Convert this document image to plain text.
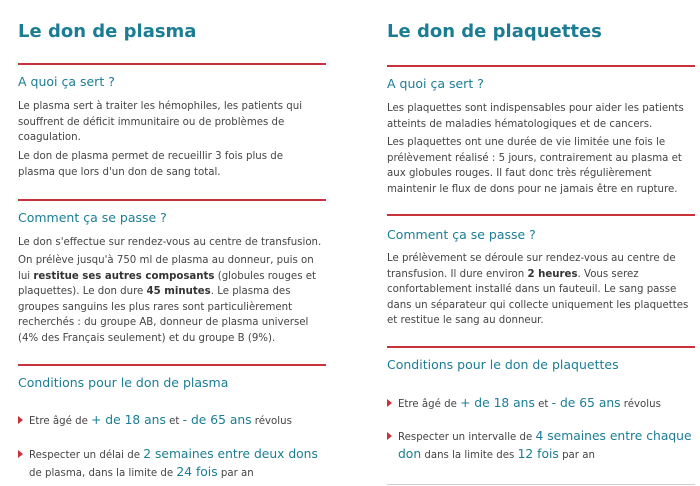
Le don de plasma
A quoi ça sert ?

Le plasma sert à traiter les hémophiles, les patients qui souffrent de déficit immunitaire ou de problèmes de coagulation.

Le don de plasma permet de recueillir 3 fois plus de plasma que lors d'un don de sang total.

Comment ça se passe ?

Le don s'effectue sur rendez-vous au centre de transfusion.

On prélève jusqu'à 750 ml de plasma au donneur, puis on lui restitue ses autres composants (globules rouges et plaquettes). Le don dure 45 minutes. Le plasma des groupes sanguins les plus rares sont particulièrement recherchés : du groupe AB, donneur de plasma universel (4% des Français seulement) et du groupe B (9%).

Conditions pour le don de plasma
Etre âgé de + de 18 ans et - de 65 ans révolus
Respecter un délai de 2 semaines entre deux dons de plasma, dans la limite de 24 fois par an
Le don de plaquettes
A quoi ça sert ?

Les plaquettes sont indispensables pour aider les patients atteints de maladies hématologiques et de cancers.

Les plaquettes ont une durée de vie limitée une fois le prélèvement réalisé : 5 jours, contrairement au plasma et aux globules rouges. Il faut donc très régulièrement maintenir le flux de dons pour ne jamais être en rupture.

Comment ça se passe ?

Le prélèvement se déroule sur rendez-vous au centre de transfusion. Il dure environ 2 heures. Vous serez confortablement installé dans un fauteuil. Le sang passe dans un séparateur qui collecte uniquement les plaquettes et restitue le sang au donneur.

Conditions pour le don de plaquettes
Etre âgé de + de 18 ans et - de 65 ans révolus
Respecter un intervalle de 4 semaines entre chaque don dans la limite des 12 fois par an
